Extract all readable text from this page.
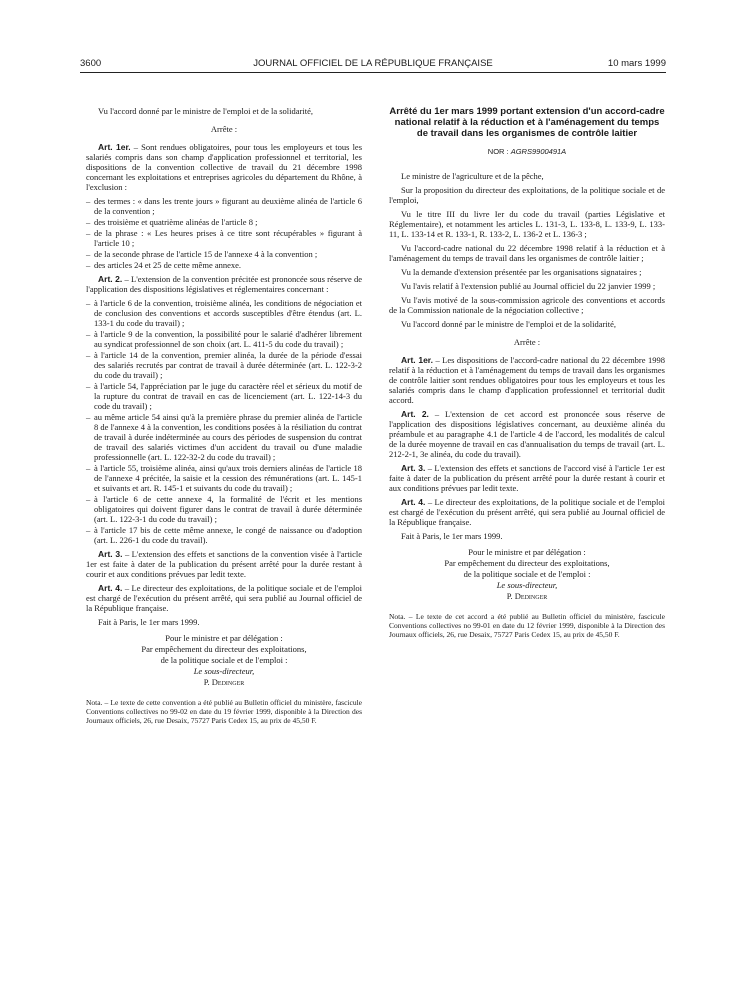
3600	JOURNAL OFFICIEL DE LA RÉPUBLIQUE FRANÇAISE	10 mars 1999

Vu l'accord donné par le ministre de l'emploi et de la solidarité,

Arrête :

Art. 1er. – Sont rendues obligatoires, pour tous les employeurs et tous les salariés compris dans son champ d'application professionnel et territorial, les dispositions de la convention collective de travail du 21 décembre 1998 concernant les exploitations et entreprises agricoles du département du Rhône, à l'exclusion :

– des termes : « dans les trente jours » figurant au deuxième alinéa de l'article 6 de la convention ;
– des troisième et quatrième alinéas de l'article 8 ;
– de la phrase : « Les heures prises à ce titre sont récupérables » figurant à l'article 10 ;
– de la seconde phrase de l'article 15 de l'annexe 4 à la convention ;
– des articles 24 et 25 de cette même annexe.

Art. 2. – L'extension de la convention précitée est prononcée sous réserve de l'application des dispositions législatives et réglementaires concernant :

– à l'article 6 de la convention, troisième alinéa, les conditions de négociation et de conclusion des conventions et accords susceptibles d'être étendus (art. L. 133-1 du code du travail) ;
– à l'article 9 de la convention, la possibilité pour le salarié d'adhérer librement au syndicat professionnel de son choix (art. L. 411-5 du code du travail) ;
– à l'article 14 de la convention, premier alinéa, la durée de la période d'essai des salariés recrutés par contrat de travail à durée déterminée (art. L. 122-3-2 du code du travail) ;
– à l'article 54, l'appréciation par le juge du caractère réel et sérieux du motif de la rupture du contrat de travail en cas de licenciement (art. L. 122-14-3 du code du travail) ;
– au même article 54 ainsi qu'à la première phrase du premier alinéa de l'article 8 de l'annexe 4 à la convention, les conditions posées à la résiliation du contrat de travail à durée indéterminée au cours des périodes de suspension du contrat de travail des salariés victimes d'un accident du travail ou d'une maladie professionnelle (art. L. 122-32-2 du code du travail) ;
– à l'article 55, troisième alinéa, ainsi qu'aux trois derniers alinéas de l'article 18 de l'annexe 4 précitée, la saisie et la cession des rémunérations (art. L. 145-1 et suivants et art. R. 145-1 et suivants du code du travail) ;
– à l'article 6 de cette annexe 4, la formalité de l'écrit et les mentions obligatoires qui doivent figurer dans le contrat de travail à durée déterminée (art. L. 122-3-1 du code du travail) ;
– à l'article 17 bis de cette même annexe, le congé de naissance ou d'adoption (art. L. 226-1 du code du travail).

Art. 3. – L'extension des effets et sanctions de la convention visée à l'article 1er est faite à dater de la publication du présent arrêté pour la durée restant à courir et aux conditions prévues par ledit texte.

Art. 4. – Le directeur des exploitations, de la politique sociale et de l'emploi est chargé de l'exécution du présent arrêté, qui sera publié au Journal officiel de la République française.

Fait à Paris, le 1er mars 1999.

Pour le ministre et par délégation :
Par empêchement du directeur des exploitations,
de la politique sociale et de l'emploi :
Le sous-directeur,
P. Dedinger
Nota. – Le texte de cette convention a été publié au Bulletin officiel du ministère, fascicule Conventions collectives no 99-02 en date du 19 février 1999, disponible à la Direction des Journaux officiels, 26, rue Desaix, 75727 Paris Cedex 15, au prix de 45,50 F.
Arrêté du 1er mars 1999 portant extension d'un accord-cadre national relatif à la réduction et à l'aménagement du temps de travail dans les organismes de contrôle laitier
NOR : AGRS9900491A

Le ministre de l'agriculture et de la pêche,

Sur la proposition du directeur des exploitations, de la politique sociale et de l'emploi,

Vu le titre III du livre Ier du code du travail (parties Législative et Réglementaire), et notamment les articles L. 131-3, L. 133-8, L. 133-9, L. 133-11, L. 133-14 et R. 133-1, R. 133-2, L. 136-2 et L. 136-3 ;

Vu l'accord-cadre national du 22 décembre 1998 relatif à la réduction et à l'aménagement du temps de travail dans les organismes de contrôle laitier ;

Vu la demande d'extension présentée par les organisations signataires ;

Vu l'avis relatif à l'extension publié au Journal officiel du 22 janvier 1999 ;

Vu l'avis motivé de la sous-commission agricole des conventions et accords de la Commission nationale de la négociation collective ;

Vu l'accord donné par le ministre de l'emploi et de la solidarité,

Arrête :

Art. 1er. – Les dispositions de l'accord-cadre national du 22 décembre 1998 relatif à la réduction et à l'aménagement du temps de travail dans les organismes de contrôle laitier sont rendues obligatoires pour tous les employeurs et tous les salariés compris dans le champ d'application professionnel et territorial dudit accord.

Art. 2. – L'extension de cet accord est prononcée sous réserve de l'application des dispositions législatives concernant, au deuxième alinéa du préambule et au paragraphe 4.1 de l'article 4 de l'accord, les modalités de calcul de la durée moyenne de travail en cas d'annualisation du temps de travail (art. L. 212-2-1, 3e alinéa, du code du travail).

Art. 3. – L'extension des effets et sanctions de l'accord visé à l'article 1er est faite à dater de la publication du présent arrêté pour la durée restant à courir et aux conditions prévues par ledit texte.

Art. 4. – Le directeur des exploitations, de la politique sociale et de l'emploi est chargé de l'exécution du présent arrêté, qui sera publié au Journal officiel de la République française.

Fait à Paris, le 1er mars 1999.

Pour le ministre et par délégation :
Par empêchement du directeur des exploitations,
de la politique sociale et de l'emploi :
Le sous-directeur,
P. Dedinger
Nota. – Le texte de cet accord a été publié au Bulletin officiel du ministère, fascicule Conventions collectives no 99-01 en date du 12 février 1999, disponible à la Direction des Journaux officiels, 26, rue Desaix, 75727 Paris Cedex 15, au prix de 45,50 F.
